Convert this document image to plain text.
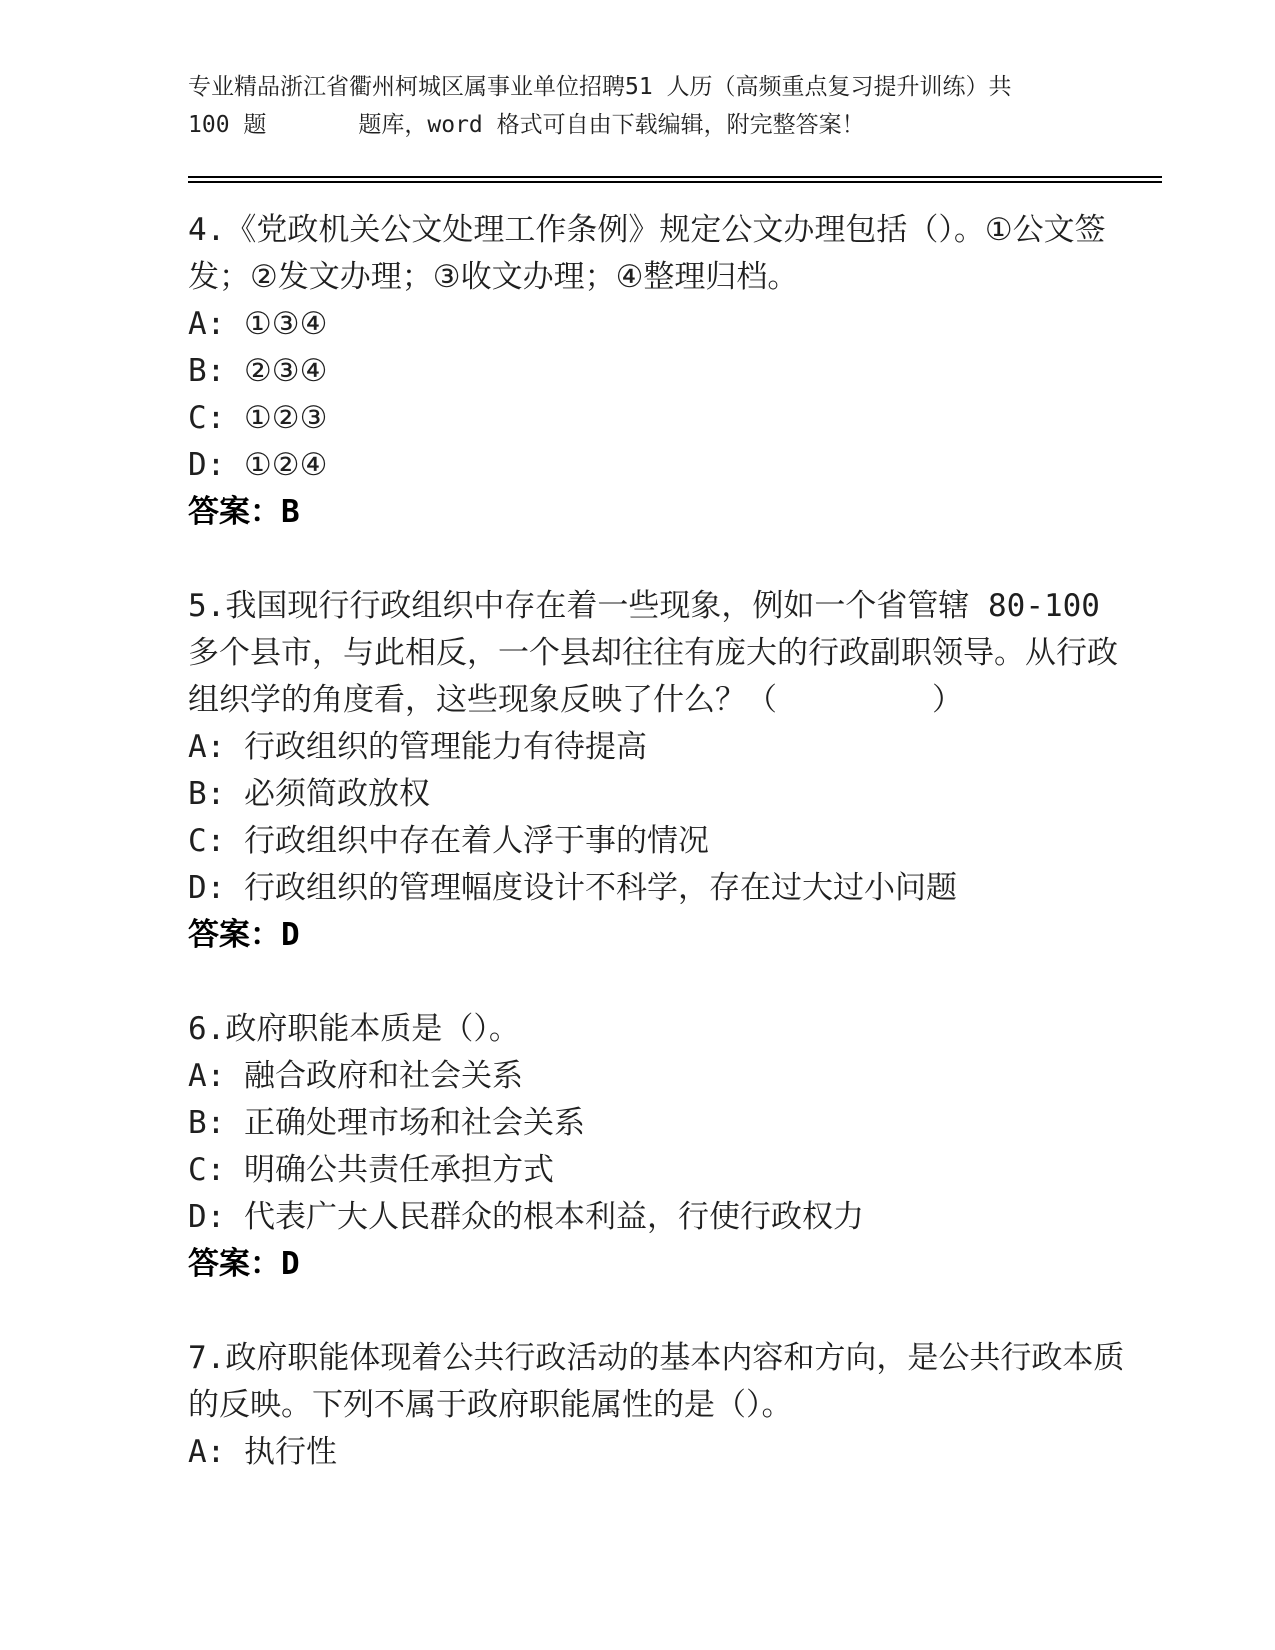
专业精品浙江省衢州柯城区属事业单位招聘51 人历（高频重点复习提升训练）共
100 题　　　　题库，word 格式可自由下载编辑，附完整答案！

4.《党政机关公文处理工作条例》规定公文办理包括（）。①公文签发；②发文办理；③收文办理；④整理归档。

A: ①③④

B: ②③④

C: ①②③

D: ①②④

答案：B

5.我国现行行政组织中存在着一些现象，例如一个省管辖 80-100 多个县市，与此相反，一个县却往往有庞大的行政副职领导。从行政组织学的角度看，这些现象反映了什么？（　　　　　）

A: 行政组织的管理能力有待提高

B: 必须简政放权

C: 行政组织中存在着人浮于事的情况

D: 行政组织的管理幅度设计不科学，存在过大过小问题

答案：D

6.政府职能本质是（）。

A: 融合政府和社会关系

B: 正确处理市场和社会关系

C: 明确公共责任承担方式

D: 代表广大人民群众的根本利益，行使行政权力

答案：D

7.政府职能体现着公共行政活动的基本内容和方向，是公共行政本质的反映。下列不属于政府职能属性的是（）。

A: 执行性
